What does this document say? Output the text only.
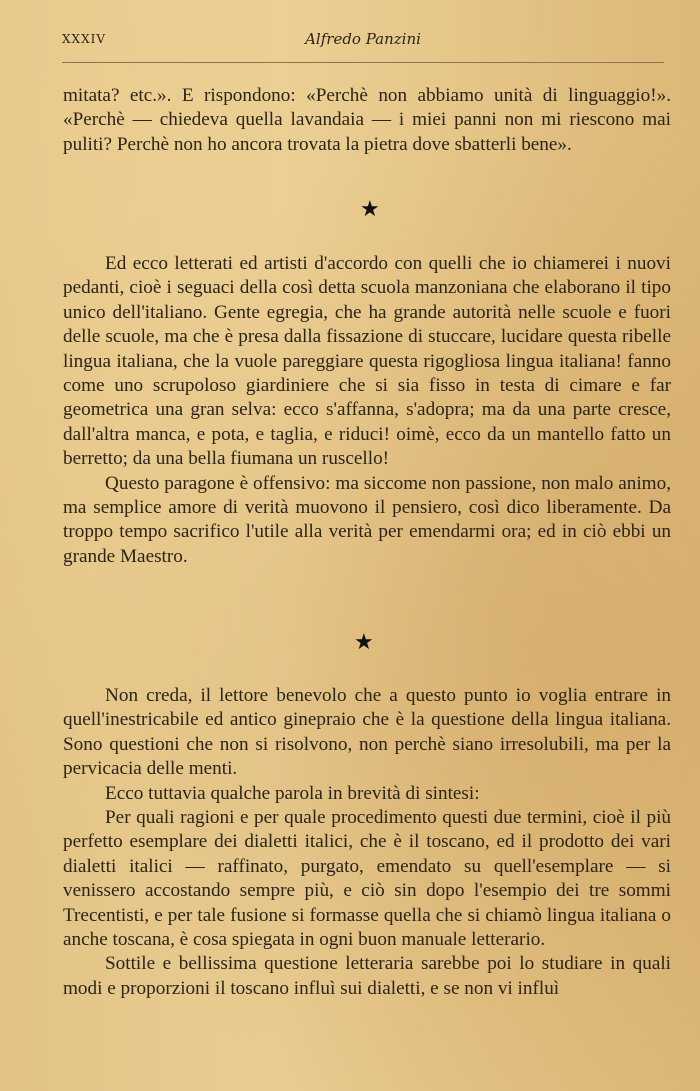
XXXIV	Alfredo Panzini

mitata? etc.». E rispondono: «Perchè non abbiamo unità di linguaggio!». «Perchè — chiedeva quella lavandaia — i miei panni non mi riescono mai puliti? Perchè non ho ancora trovata la pietra dove sbatterli bene».

★

Ed ecco letterati ed artisti d'accordo con quelli che io chiamerei i nuovi pedanti, cioè i seguaci della così detta scuola manzoniana che elaborano il tipo unico dell'italiano. Gente egregia, che ha grande autorità nelle scuole e fuori delle scuole, ma che è presa dalla fissazione di stuccare, lucidare questa ribelle lingua italiana, che la vuole pareggiare questa rigogliosa lingua italiana! fanno come uno scrupoloso giardiniere che si sia fisso in testa di cimare e far geometrica una gran selva: ecco s'affanna, s'adopra; ma da una parte cresce, dall'altra manca, e pota, e taglia, e riduci! oimè, ecco da un mantello fatto un berretto; da una bella fiumana un ruscello!

Questo paragone è offensivo: ma siccome non passione, non malo animo, ma semplice amore di verità muovono il pensiero, così dico liberamente. Da troppo tempo sacrifico l'utile alla verità per emendarmi ora; ed in ciò ebbi un grande Maestro.

★

Non creda, il lettore benevolo che a questo punto io voglia entrare in quell'inestricabile ed antico ginepraio che è la questione della lingua italiana. Sono questioni che non si risolvono, non perchè siano irresolubili, ma per la pervicacia delle menti.

Ecco tuttavia qualche parola in brevità di sintesi:

Per quali ragioni e per quale procedimento questi due termini, cioè il più perfetto esemplare dei dialetti italici, che è il toscano, ed il prodotto dei vari dialetti italici — raffinato, purgato, emendato su quell'esemplare — si venissero accostando sempre più, e ciò sin dopo l'esempio dei tre sommi Trecentisti, e per tale fusione si formasse quella che si chiamò lingua italiana o anche toscana, è cosa spiegata in ogni buon manuale letterario.

Sottile e bellissima questione letteraria sarebbe poi lo studiare in quali modi e proporzioni il toscano influì sui dialetti, e se non vi influì
